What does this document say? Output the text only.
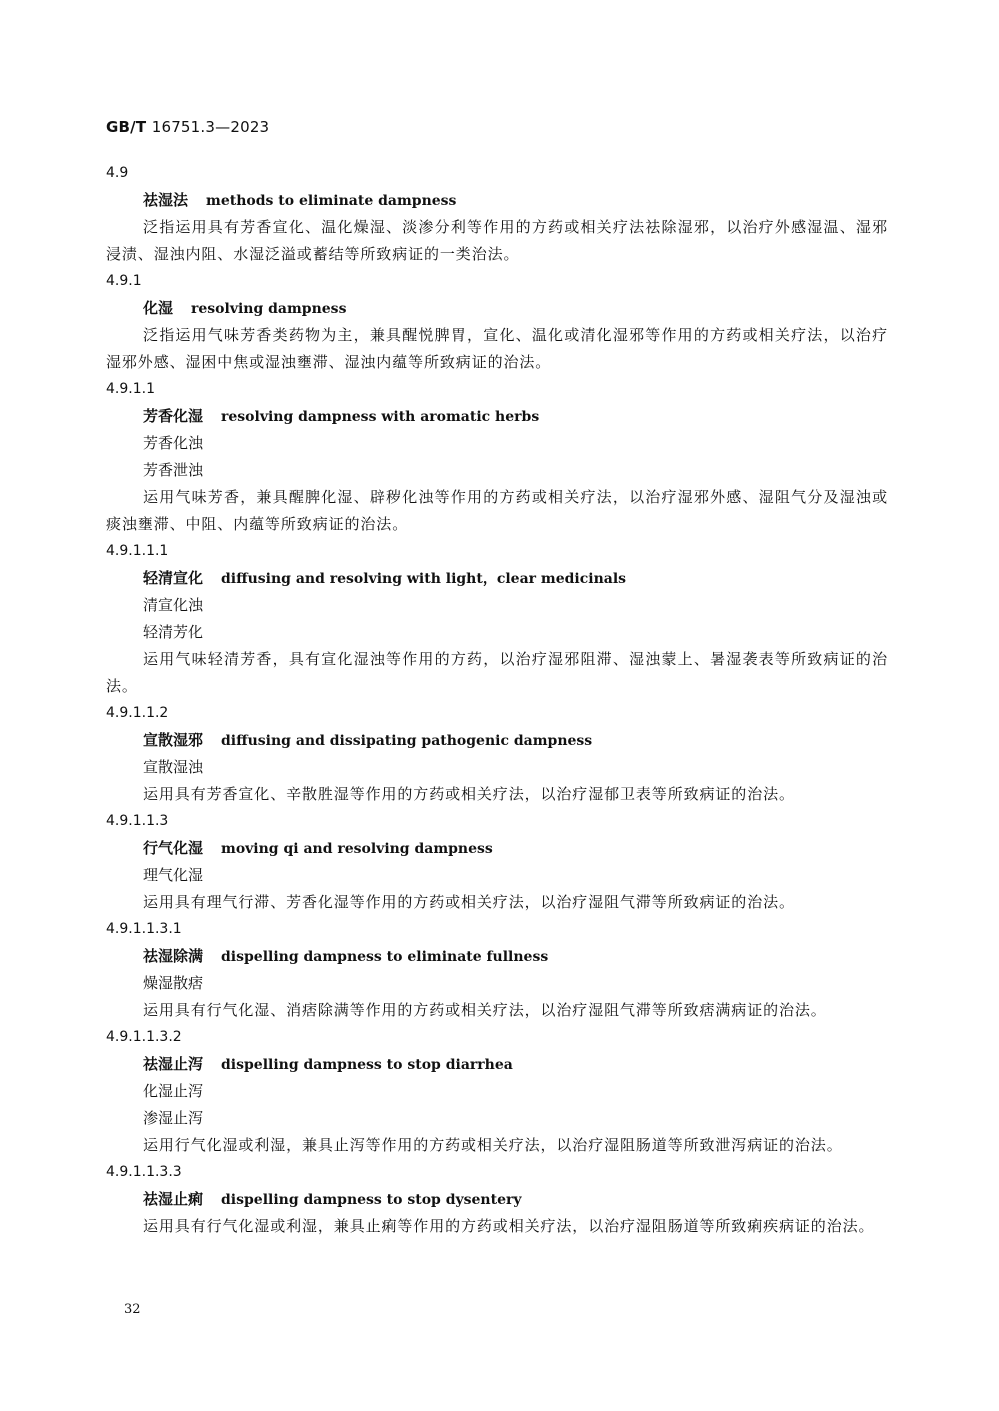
GB/T 16751.3—2023
4.9
祛湿法 methods to eliminate dampness

泛指运用具有芳香宣化、温化燥湿、淡渗分利等作用的方药或相关疗法祛除湿邪，以治疗外感湿温、湿邪浸渍、湿浊内阻、水湿泛溢或蓄结等所致病证的一类治法。

4.9.1
化湿 resolving dampness

泛指运用气味芳香类药物为主，兼具醒悦脾胃，宣化、温化或清化湿邪等作用的方药或相关疗法，以治疗湿邪外感、湿困中焦或湿浊壅滞、湿浊内蕴等所致病证的治法。

4.9.1.1
芳香化湿 resolving dampness with aromatic herbs
芳香化浊
芳香泄浊

运用气味芳香，兼具醒脾化湿、辟秽化浊等作用的方药或相关疗法，以治疗湿邪外感、湿阻气分及湿浊或痰浊壅滞、中阻、内蕴等所致病证的治法。

4.9.1.1.1
轻清宣化 diffusing and resolving with light，clear medicinals
清宣化浊
轻清芳化

运用气味轻清芳香，具有宣化湿浊等作用的方药，以治疗湿邪阻滞、湿浊蒙上、暑湿袭表等所致病证的治法。

4.9.1.1.2
宣散湿邪 diffusing and dissipating pathogenic dampness
宣散湿浊

运用具有芳香宣化、辛散胜湿等作用的方药或相关疗法，以治疗湿郁卫表等所致病证的治法。

4.9.1.1.3
行气化湿 moving qi and resolving dampness
理气化湿

运用具有理气行滞、芳香化湿等作用的方药或相关疗法，以治疗湿阻气滞等所致病证的治法。

4.9.1.1.3.1
祛湿除满 dispelling dampness to eliminate fullness
燥湿散痞

运用具有行气化湿、消痞除满等作用的方药或相关疗法，以治疗湿阻气滞等所致痞满病证的治法。

4.9.1.1.3.2
祛湿止泻 dispelling dampness to stop diarrhea
化湿止泻
渗湿止泻

运用行气化湿或利湿，兼具止泻等作用的方药或相关疗法，以治疗湿阻肠道等所致泄泻病证的治法。

4.9.1.1.3.3
祛湿止痢 dispelling dampness to stop dysentery

运用具有行气化湿或利湿，兼具止痢等作用的方药或相关疗法，以治疗湿阻肠道等所致痢疾病证的治法。

32
